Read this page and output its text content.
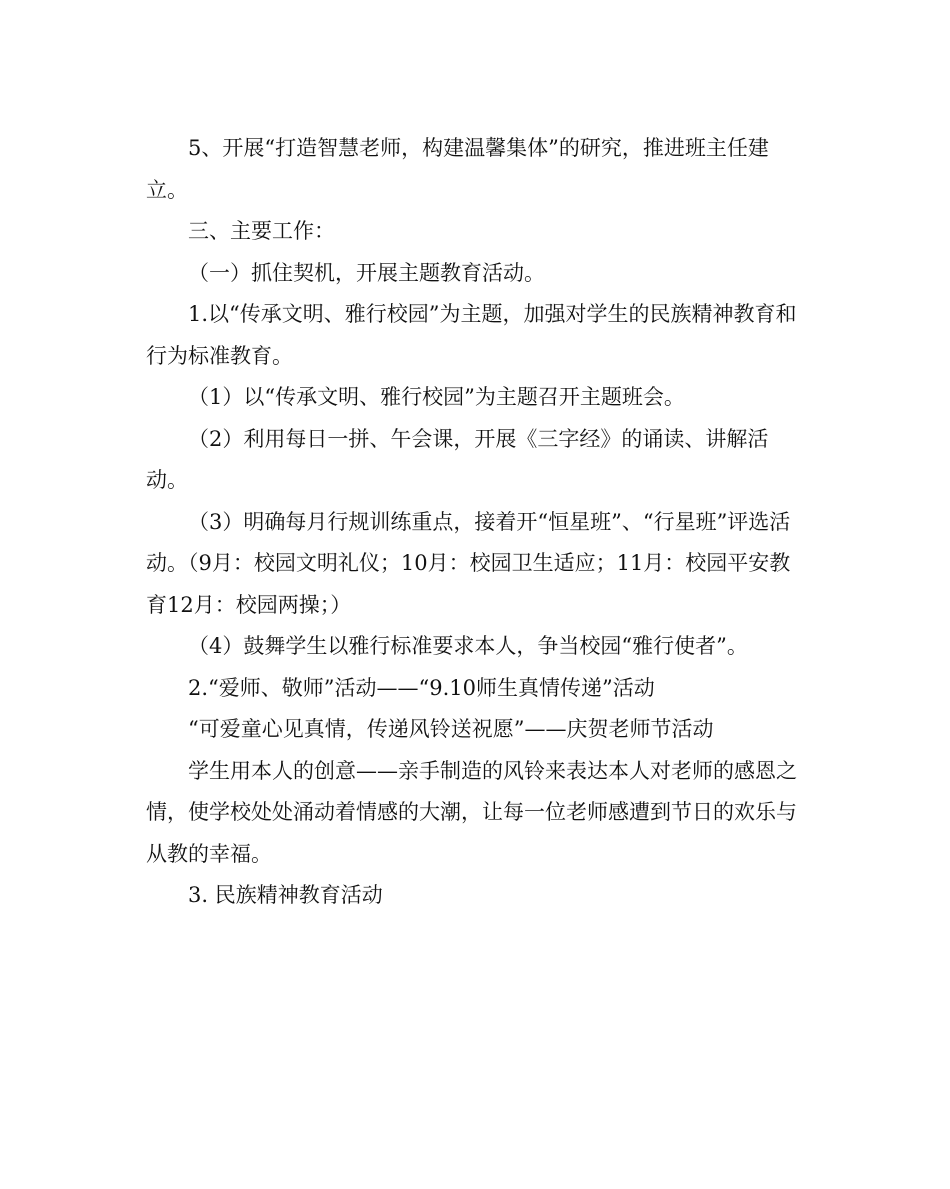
5、开展“打造智慧老师，构建温馨集体”的研究，推进班主任建立。

三、主要工作：

（一）抓住契机，开展主题教育活动。

1.以“传承文明、雅行校园”为主题，加强对学生的民族精神教育和行为标准教育。

（1）以“传承文明、雅行校园”为主题召开主题班会。

（2）利用每日一拼、午会课，开展《三字经》的诵读、讲解活动。

（3）明确每月行规训练重点，接着开“恒星班”、“行星班”评选活动。（9月：校园文明礼仪；10月：校园卫生适应；11月：校园平安教育12月：校园两操；）

（4）鼓舞学生以雅行标准要求本人，争当校园“雅行使者”。

2.“爱师、敬师”活动——“9.10师生真情传递”活动

“可爱童心见真情，传递风铃送祝愿”——庆贺老师节活动

学生用本人的创意——亲手制造的风铃来表达本人对老师的感恩之情，使学校处处涌动着情感的大潮，让每一位老师感遭到节日的欢乐与从教的幸福。

3. 民族精神教育活动
